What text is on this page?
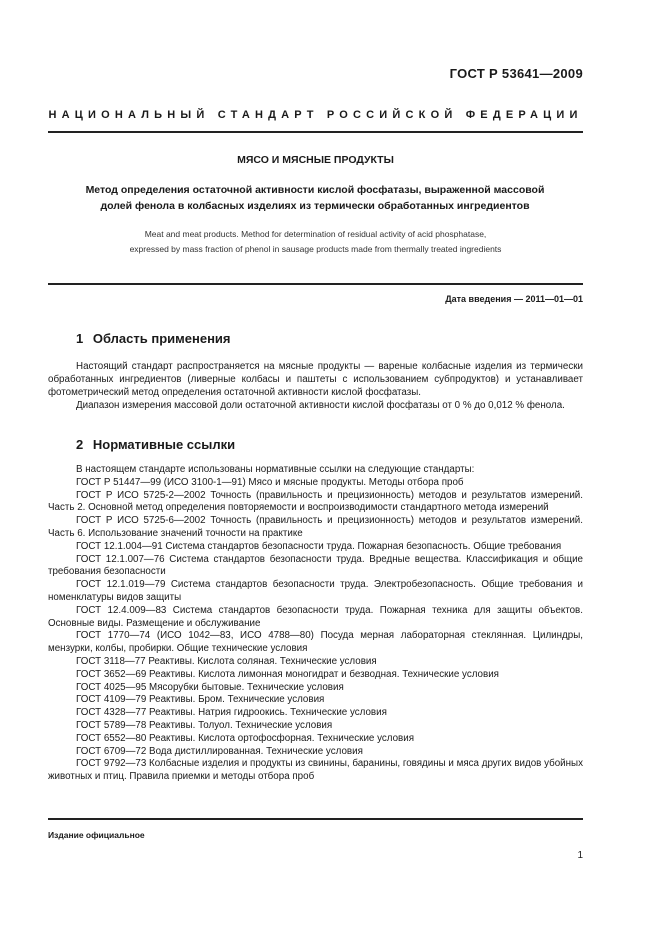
ГОСТ Р 53641—2009
НАЦИОНАЛЬНЫЙ СТАНДАРТ РОССИЙСКОЙ ФЕДЕРАЦИИ
МЯСО И МЯСНЫЕ ПРОДУКТЫ
Метод определения остаточной активности кислой фосфатазы, выраженной массовой долей фенола в колбасных изделиях из термически обработанных ингредиентов
Meat and meat products. Method for determination of residual activity of acid phosphatase,
expressed by mass fraction of phenol in sausage products made from thermally treated ingredients
Дата введения — 2011—01—01
1 Область применения

Настоящий стандарт распространяется на мясные продукты — вареные колбасные изделия из термически обработанных ингредиентов (ливерные колбасы и паштеты с использованием субпродуктов) и устанавливает фотометрический метод определения остаточной активности кислой фосфатазы.

Диапазон измерения массовой доли остаточной активности кислой фосфатазы от 0 % до 0,012 % фенола.

2 Нормативные ссылки

В настоящем стандарте использованы нормативные ссылки на следующие стандарты:

ГОСТ Р 51447—99 (ИСО 3100-1—91) Мясо и мясные продукты. Методы отбора проб

ГОСТ Р ИСО 5725-2—2002 Точность (правильность и прецизионность) методов и результатов измерений. Часть 2. Основной метод определения повторяемости и воспроизводимости стандартного метода измерений

ГОСТ Р ИСО 5725-6—2002 Точность (правильность и прецизионность) методов и результатов измерений. Часть 6. Использование значений точности на практике

ГОСТ 12.1.004—91 Система стандартов безопасности труда. Пожарная безопасность. Общие требования

ГОСТ 12.1.007—76 Система стандартов безопасности труда. Вредные вещества. Классификация и общие требования безопасности

ГОСТ 12.1.019—79 Система стандартов безопасности труда. Электробезопасность. Общие требования и номенклатуры видов защиты

ГОСТ 12.4.009—83 Система стандартов безопасности труда. Пожарная техника для защиты объектов. Основные виды. Размещение и обслуживание

ГОСТ 1770—74 (ИСО 1042—83, ИСО 4788—80) Посуда мерная лабораторная стеклянная. Цилиндры, мензурки, колбы, пробирки. Общие технические условия

ГОСТ 3118—77 Реактивы. Кислота соляная. Технические условия

ГОСТ 3652—69 Реактивы. Кислота лимонная моногидрат и безводная. Технические условия

ГОСТ 4025—95 Мясорубки бытовые. Технические условия

ГОСТ 4109—79 Реактивы. Бром. Технические условия

ГОСТ 4328—77 Реактивы. Натрия гидроокись. Технические условия

ГОСТ 5789—78 Реактивы. Толуол. Технические условия

ГОСТ 6552—80 Реактивы. Кислота ортофосфорная. Технические условия

ГОСТ 6709—72 Вода дистиллированная. Технические условия

ГОСТ 9792—73 Колбасные изделия и продукты из свинины, баранины, говядины и мяса других видов убойных животных и птиц. Правила приемки и методы отбора проб

Издание официальное
1
